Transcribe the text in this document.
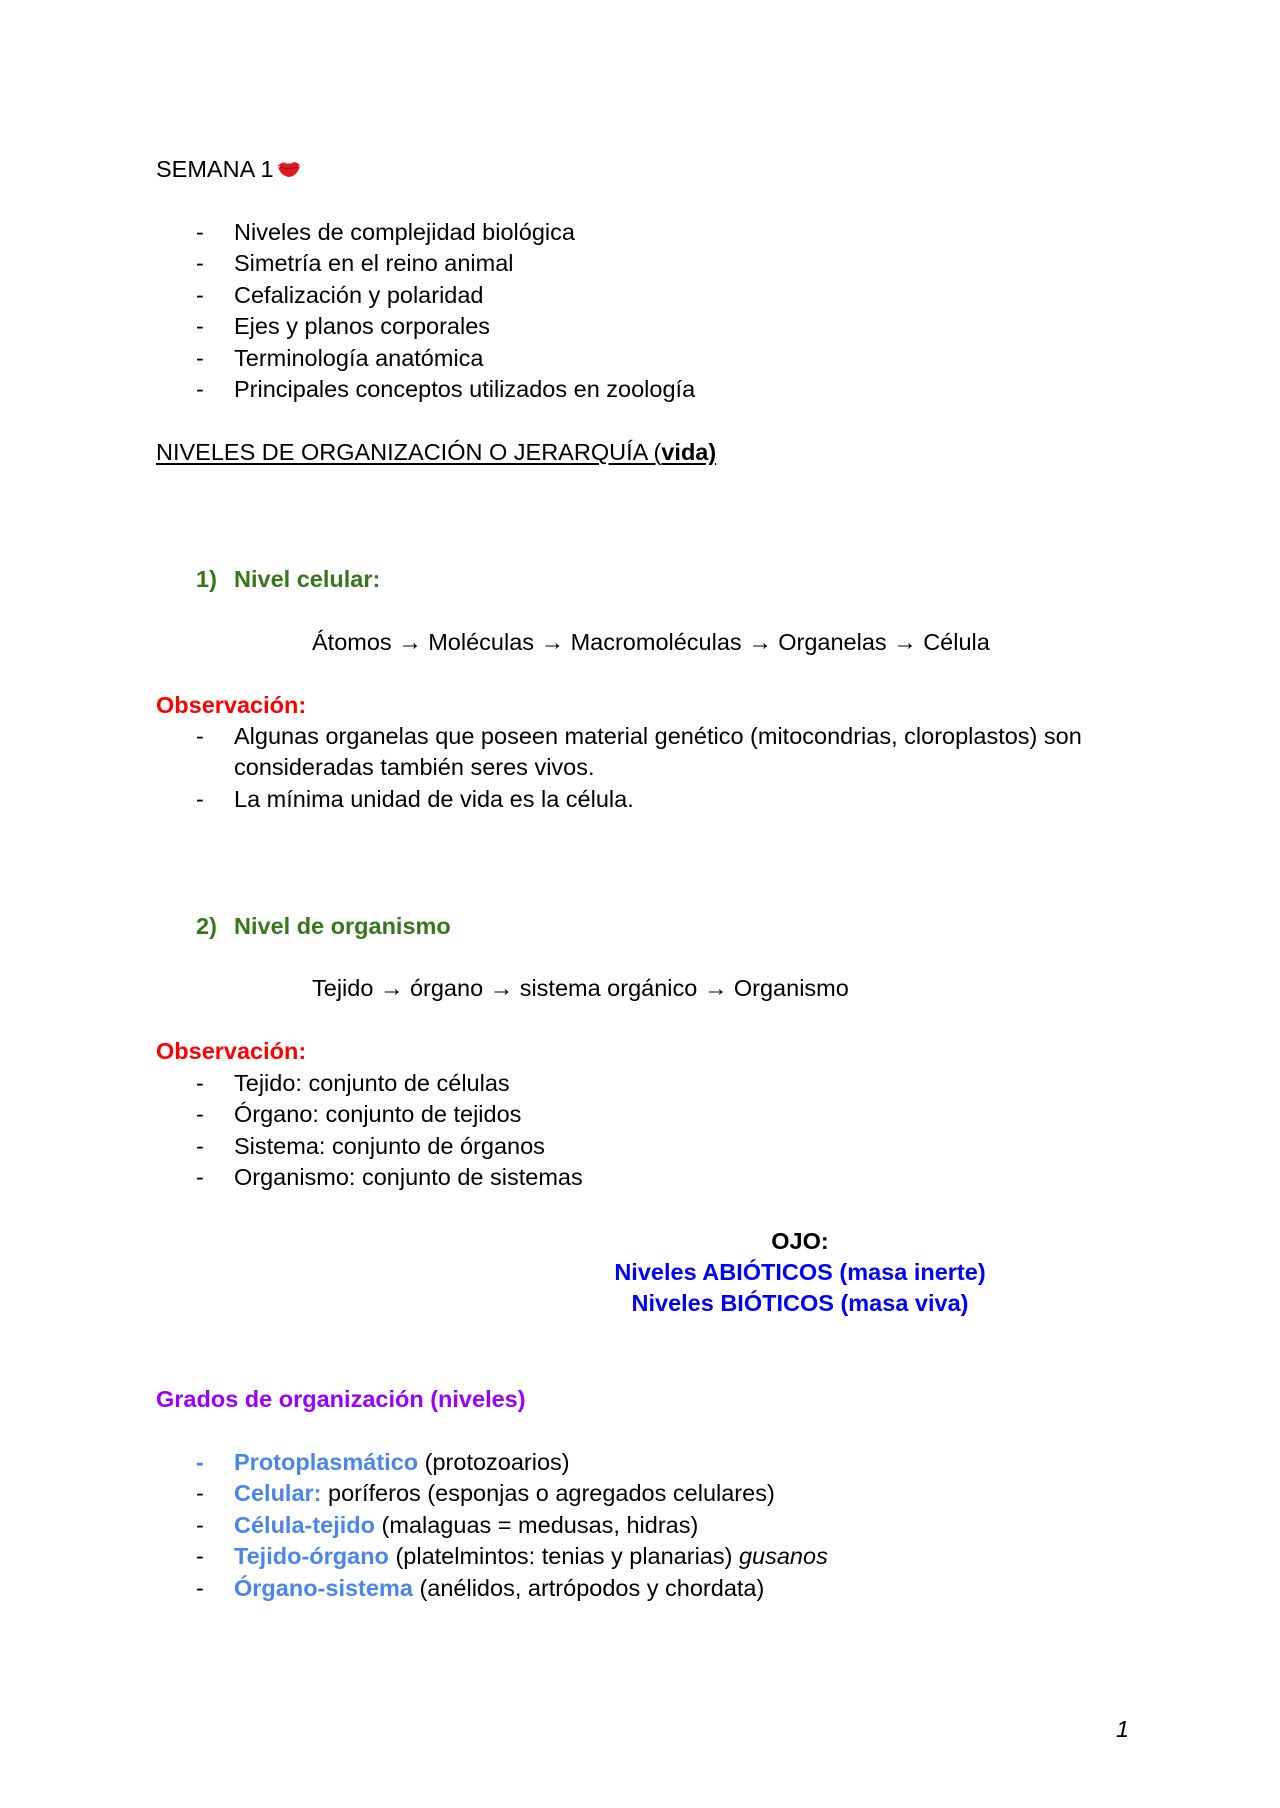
SEMANA 1
- Niveles de complejidad biológica
- Simetría en el reino animal
- Cefalización y polaridad
- Ejes y planos corporales
- Terminología anatómica
- Principales conceptos utilizados en zoología
NIVELES DE ORGANIZACIÓN O JERARQUÍA (vida)
1) Nivel celular:
Átomos → Moléculas → Macromoléculas → Organelas → Célula
Observación:
- Algunas organelas que poseen material genético (mitocondrias, cloroplastos) son
consideradas también seres vivos.
- La mínima unidad de vida es la célula.
2) Nivel de organismo
Tejido → órgano → sistema orgánico → Organismo
Observación:
- Tejido: conjunto de células
- Órgano: conjunto de tejidos
- Sistema: conjunto de órganos
- Organismo: conjunto de sistemas
OJO:
Niveles ABIÓTICOS (masa inerte)
Niveles BIÓTICOS (masa viva)
Grados de organización (niveles)
- Protoplasmático (protozoarios)
- Celular: poríferos (esponjas o agregados celulares)
- Célula-tejido (malaguas = medusas, hidras)
- Tejido-órgano (platelmintos: tenias y planarias) gusanos
- Órgano-sistema (anélidos, artrópodos y chordata)
1
